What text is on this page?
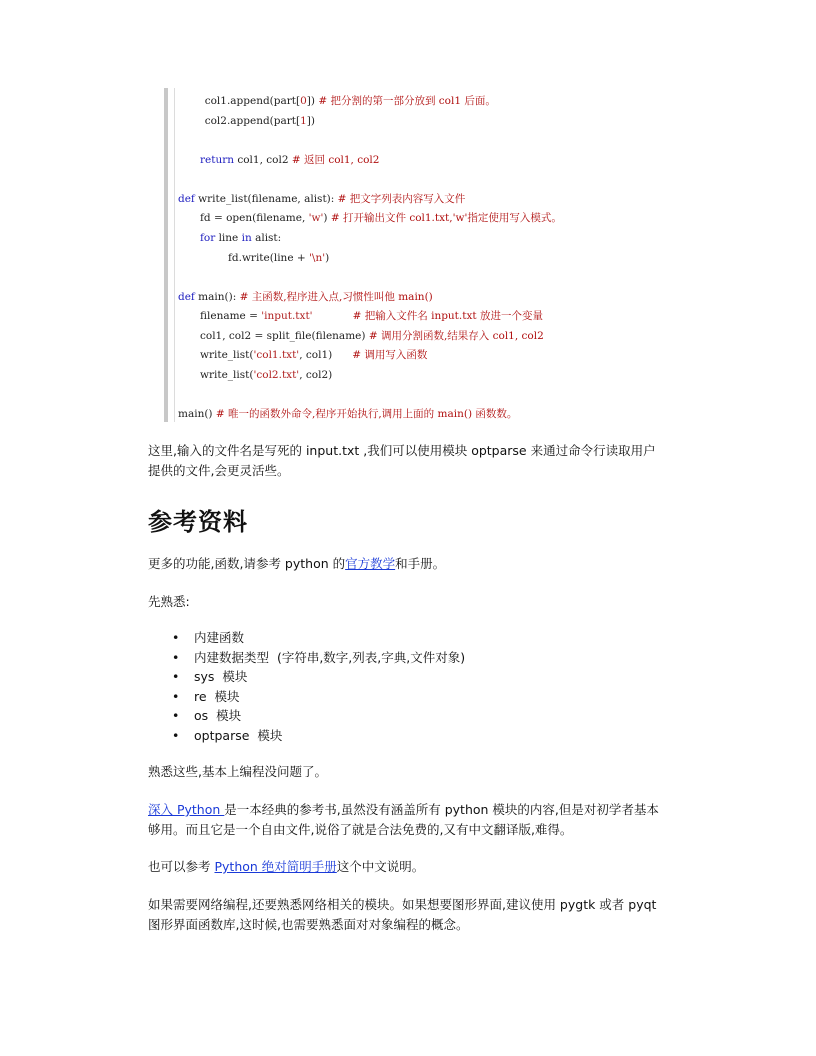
col1.append(part[0]) # 把分割的第一部分放到 col1 后面。
col2.append(part[1])
return col1, col2 # 返回 col1, col2
def write_list(filename, alist): # 把文字列表内容写入文件
fd = open(filename, 'w') # 打开输出文件 col1.txt,'w'指定使用写入模式。
for line in alist:
fd.write(line + '\n')
def main(): # 主函数,程序进入点,习惯性叫他 main()
filename = 'input.txt'	# 把输入文件名 input.txt 放进一个变量
col1, col2 = split_file(filename) # 调用分割函数,结果存入 col1, col2
write_list('col1.txt', col1)      # 调用写入函数
write_list('col2.txt', col2)
main() # 唯一的函数外命令,程序开始执行,调用上面的 main() 函数数。
这里,输入的文件名是写死的 input.txt ,我们可以使用模块 optparse 来通过命令行读取用户提供的文件,会更灵活些。
参考资料
更多的功能,函数,请参考 python 的官方教学和手册。
先熟悉:
• 内建函数
• 内建数据类型  (字符串,数字,列表,字典,文件对象)
• sys  模块
• re  模块
• os  模块
• optparse  模块
熟悉这些,基本上编程没问题了。
深入 Python 是一本经典的参考书,虽然没有涵盖所有 python 模块的内容,但是对初学者基本够用。而且它是一个自由文件,说俗了就是合法免费的,又有中文翻译版,难得。
也可以参考 Python 绝对简明手册这个中文说明。
如果需要网络编程,还要熟悉网络相关的模块。如果想要图形界面,建议使用 pygtk 或者 pyqt 图形界面函数库,这时候,也需要熟悉面对对象编程的概念。
